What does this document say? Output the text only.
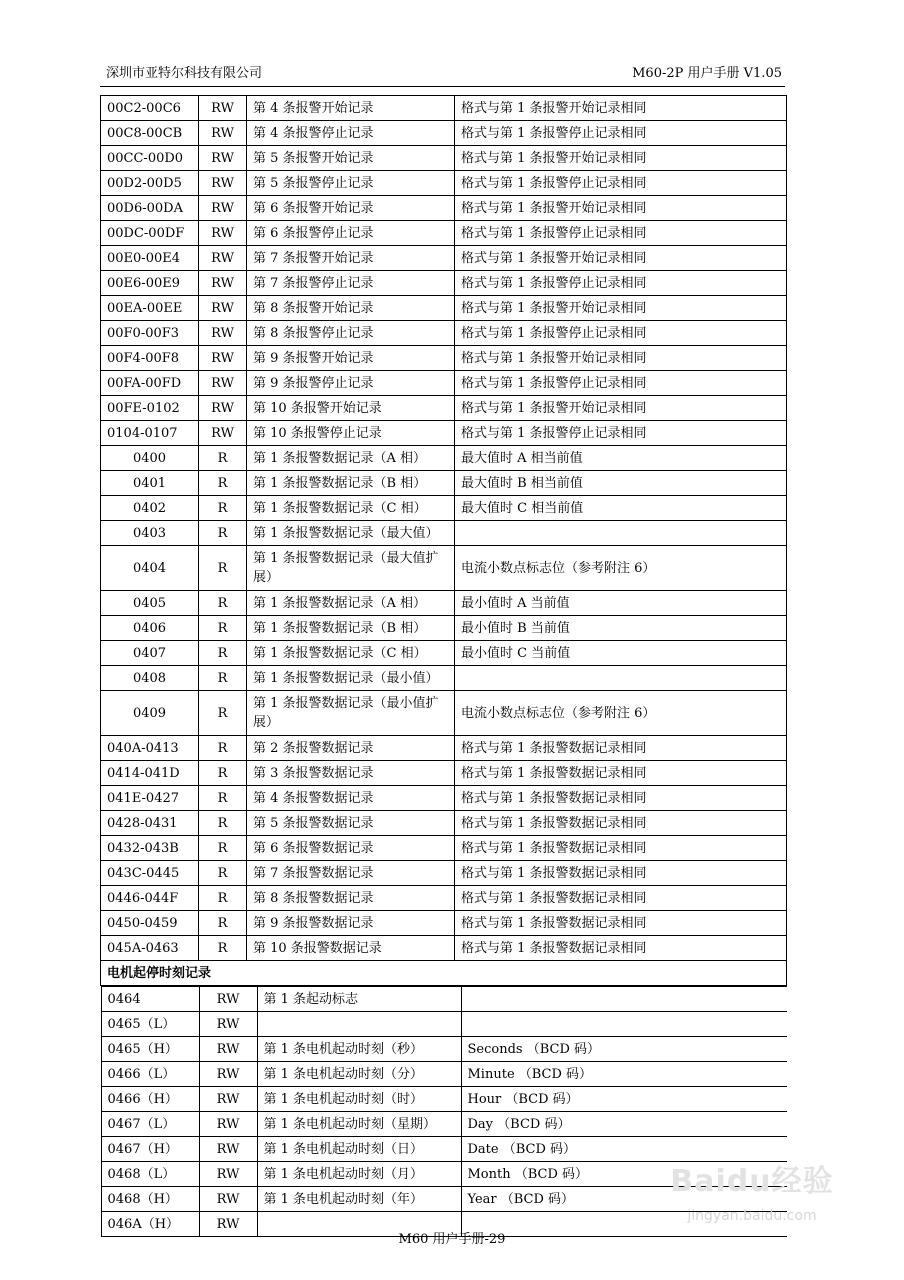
深圳市亚特尔科技有限公司	M60-2P 用户手册 V1.05
00C2-00C6	RW	第 4 条报警开始记录	格式与第 1 条报警开始记录相同
00C8-00CB	RW	第 4 条报警停止记录	格式与第 1 条报警停止记录相同
00CC-00D0	RW	第 5 条报警开始记录	格式与第 1 条报警开始记录相同
00D2-00D5	RW	第 5 条报警停止记录	格式与第 1 条报警停止记录相同
00D6-00DA	RW	第 6 条报警开始记录	格式与第 1 条报警开始记录相同
00DC-00DF	RW	第 6 条报警停止记录	格式与第 1 条报警停止记录相同
00E0-00E4	RW	第 7 条报警开始记录	格式与第 1 条报警开始记录相同
00E6-00E9	RW	第 7 条报警停止记录	格式与第 1 条报警停止记录相同
00EA-00EE	RW	第 8 条报警开始记录	格式与第 1 条报警开始记录相同
00F0-00F3	RW	第 8 条报警停止记录	格式与第 1 条报警停止记录相同
00F4-00F8	RW	第 9 条报警开始记录	格式与第 1 条报警开始记录相同
00FA-00FD	RW	第 9 条报警停止记录	格式与第 1 条报警停止记录相同
00FE-0102	RW	第 10 条报警开始记录	格式与第 1 条报警开始记录相同
0104-0107	RW	第 10 条报警停止记录	格式与第 1 条报警停止记录相同
0400	R	第 1 条报警数据记录（A 相）	最大值时 A 相当前值
0401	R	第 1 条报警数据记录（B 相）	最大值时 B 相当前值
0402	R	第 1 条报警数据记录（C 相）	最大值时 C 相当前值
0403	R	第 1 条报警数据记录（最大值）	
0404	R	第 1 条报警数据记录（最大值扩展）	电流小数点标志位（参考附注 6）
0405	R	第 1 条报警数据记录（A 相）	最小值时 A 当前值
0406	R	第 1 条报警数据记录（B 相）	最小值时 B 当前值
0407	R	第 1 条报警数据记录（C 相）	最小值时 C 当前值
0408	R	第 1 条报警数据记录（最小值）	
0409	R	第 1 条报警数据记录（最小值扩展）	电流小数点标志位（参考附注 6）
040A-0413	R	第 2 条报警数据记录	格式与第 1 条报警数据记录相同
0414-041D	R	第 3 条报警数据记录	格式与第 1 条报警数据记录相同
041E-0427	R	第 4 条报警数据记录	格式与第 1 条报警数据记录相同
0428-0431	R	第 5 条报警数据记录	格式与第 1 条报警数据记录相同
0432-043B	R	第 6 条报警数据记录	格式与第 1 条报警数据记录相同
043C-0445	R	第 7 条报警数据记录	格式与第 1 条报警数据记录相同
0446-044F	R	第 8 条报警数据记录	格式与第 1 条报警数据记录相同
0450-0459	R	第 9 条报警数据记录	格式与第 1 条报警数据记录相同
045A-0463	R	第 10 条报警数据记录	格式与第 1 条报警数据记录相同
电机起停时刻记录

0464	RW	第 1 条起动标志	
0465（L）	RW		
0465（H）	RW	第 1 条电机起动时刻（秒）	Seconds （BCD 码）
0466（L）	RW	第 1 条电机起动时刻（分）	Minute （BCD 码）
0466（H）	RW	第 1 条电机起动时刻（时）	Hour （BCD 码）
0467（L）	RW	第 1 条电机起动时刻（星期）	Day （BCD 码）
0467（H）	RW	第 1 条电机起动时刻（日）	Date （BCD 码）
0468（L）	RW	第 1 条电机起动时刻（月）	Month （BCD 码）
0468（H）	RW	第 1 条电机起动时刻（年）	Year （BCD 码）
046A（H）	RW		
M60 用户手册-29
Baidu经验
jingyan.baidu.com
